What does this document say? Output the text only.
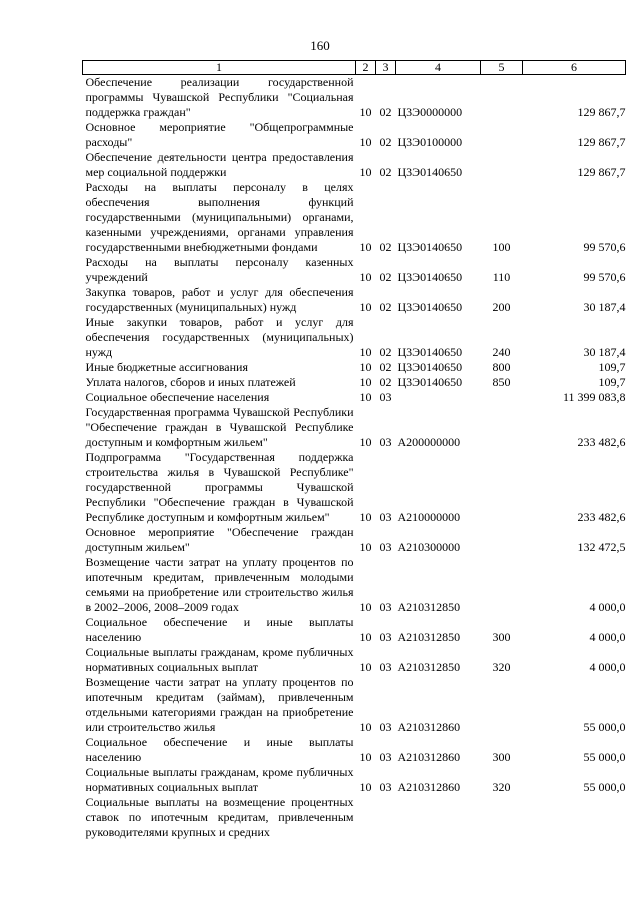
160
1	2	3	4	5	6
Обеспечение реализации государственной программы Чувашской Республики "Социальная поддержка граждан"	10	02	Ц3Э0000000		129 867,7
Основное мероприятие "Общепрограммные расходы"	10	02	Ц3Э0100000		129 867,7
Обеспечение деятельности центра предоставления мер социальной поддержки	10	02	Ц3Э0140650		129 867,7
Расходы на выплаты персоналу в целях обеспечения выполнения функций государственными (муниципальными) органами, казенными учреждениями, органами управления государственными внебюджетными фондами	10	02	Ц3Э0140650	100	99 570,6
Расходы на выплаты персоналу казенных учреждений	10	02	Ц3Э0140650	110	99 570,6
Закупка товаров, работ и услуг для обеспечения государственных (муниципальных) нужд	10	02	Ц3Э0140650	200	30 187,4
Иные закупки товаров, работ и услуг для обеспечения государственных (муниципальных) нужд	10	02	Ц3Э0140650	240	30 187,4
Иные бюджетные ассигнования	10	02	Ц3Э0140650	800	109,7
Уплата налогов, сборов и иных платежей	10	02	Ц3Э0140650	850	109,7
Социальное обеспечение населения	10	03			11 399 083,8
Государственная программа Чувашской Республики "Обеспечение граждан в Чувашской Республике доступным и комфортным жильем"	10	03	A200000000		233 482,6
Подпрограмма "Государственная поддержка строительства жилья в Чувашской Республике" государственной программы Чувашской Республики "Обеспечение граждан в Чувашской Республике доступным и комфортным жильем"	10	03	A210000000		233 482,6
Основное мероприятие "Обеспечение граждан доступным жильем"	10	03	A210300000		132 472,5
Возмещение части затрат на уплату процентов по ипотечным кредитам, привлеченным молодыми семьями на приобретение или строительство жилья в 2002–2006, 2008–2009 годах	10	03	A210312850		4 000,0
Социальное обеспечение и иные выплаты населению	10	03	A210312850	300	4 000,0
Социальные выплаты гражданам, кроме публичных нормативных социальных выплат	10	03	A210312850	320	4 000,0
Возмещение части затрат на уплату процентов по ипотечным кредитам (займам), привлеченным отдельными категориями граждан на приобретение или строительство жилья	10	03	A210312860		55 000,0
Социальное обеспечение и иные выплаты населению	10	03	A210312860	300	55 000,0
Социальные выплаты гражданам, кроме публичных нормативных социальных выплат	10	03	A210312860	320	55 000,0
Социальные выплаты на возмещение процентных ставок по ипотечным кредитам, привлеченным руководителями крупных и средних					
